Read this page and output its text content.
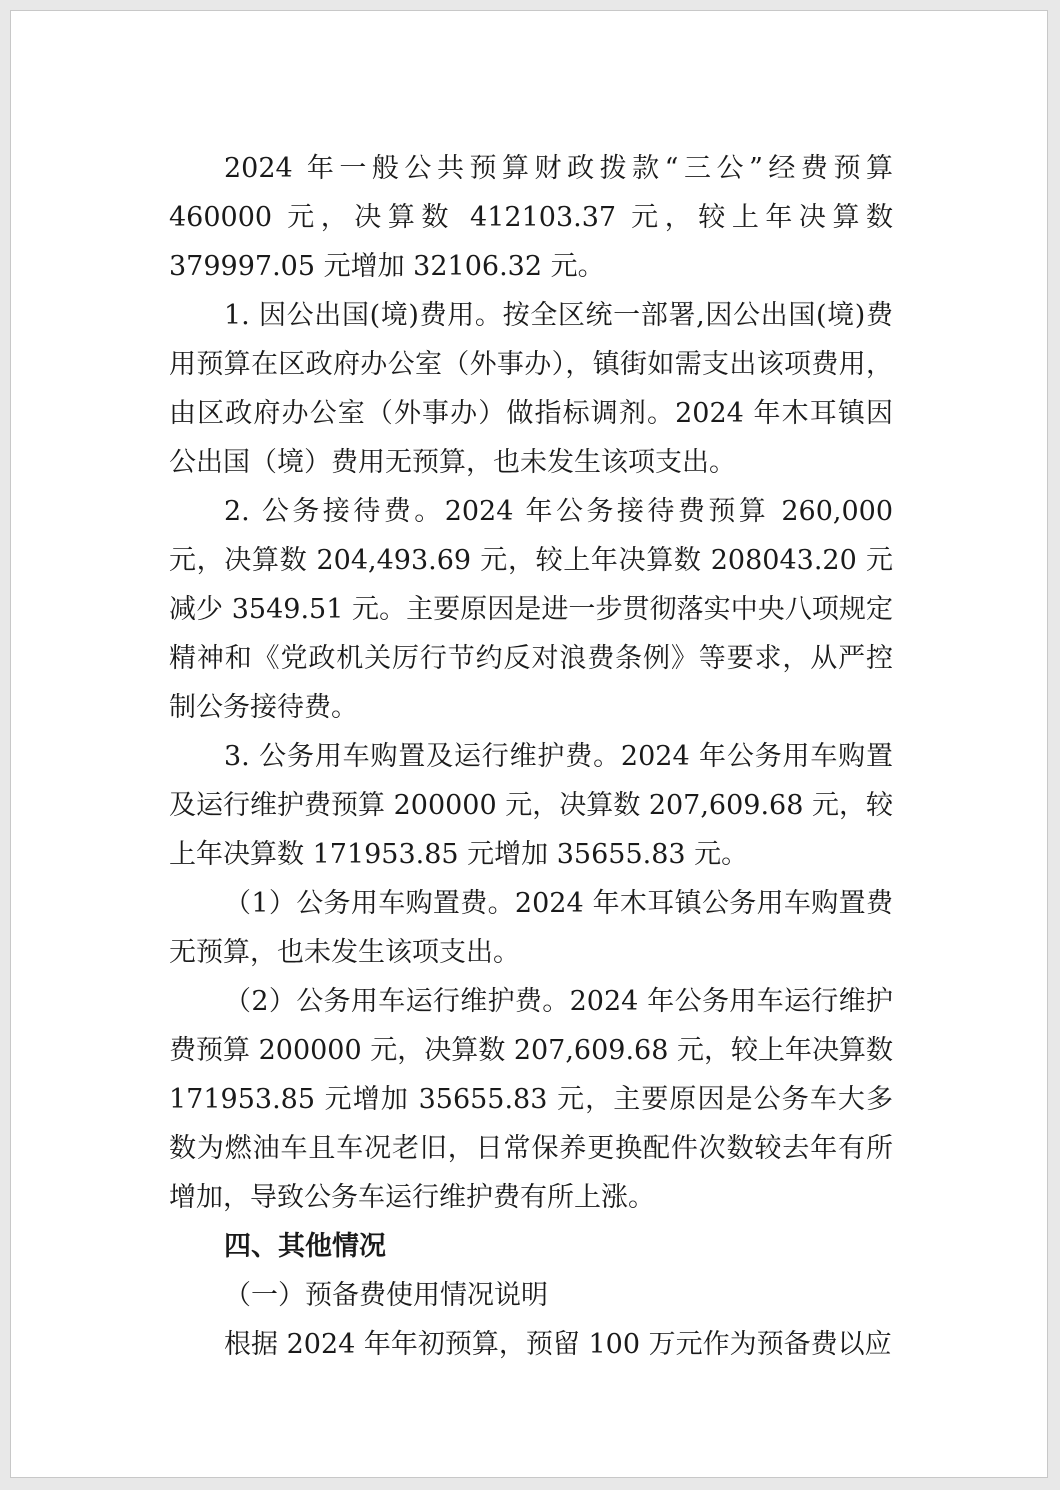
2024 年一般公共预算财政拨款“三公”经费预算 460000 元，决算数 412103.37 元，较上年决算数 379997.05 元增加 32106.32 元。

1. 因公出国(境)费用。按全区统一部署,因公出国(境)费用预算在区政府办公室（外事办），镇街如需支出该项费用，由区政府办公室（外事办）做指标调剂。2024 年木耳镇因公出国（境）费用无预算，也未发生该项支出。

2. 公务接待费。2024 年公务接待费预算 260,000 元，决算数 204,493.69 元，较上年决算数 208043.20 元减少 3549.51 元。主要原因是进一步贯彻落实中央八项规定精神和《党政机关厉行节约反对浪费条例》等要求，从严控制公务接待费。

3. 公务用车购置及运行维护费。2024 年公务用车购置及运行维护费预算 200000 元，决算数 207,609.68 元，较上年决算数 171953.85 元增加 35655.83 元。

（1）公务用车购置费。2024 年木耳镇公务用车购置费无预算，也未发生该项支出。

（2）公务用车运行维护费。2024 年公务用车运行维护费预算 200000 元，决算数 207,609.68 元，较上年决算数 171953.85 元增加 35655.83 元，主要原因是公务车大多数为燃油车且车况老旧，日常保养更换配件次数较去年有所增加，导致公务车运行维护费有所上涨。

四、其他情况

（一）预备费使用情况说明

根据 2024 年年初预算，预留 100 万元作为预备费以应
